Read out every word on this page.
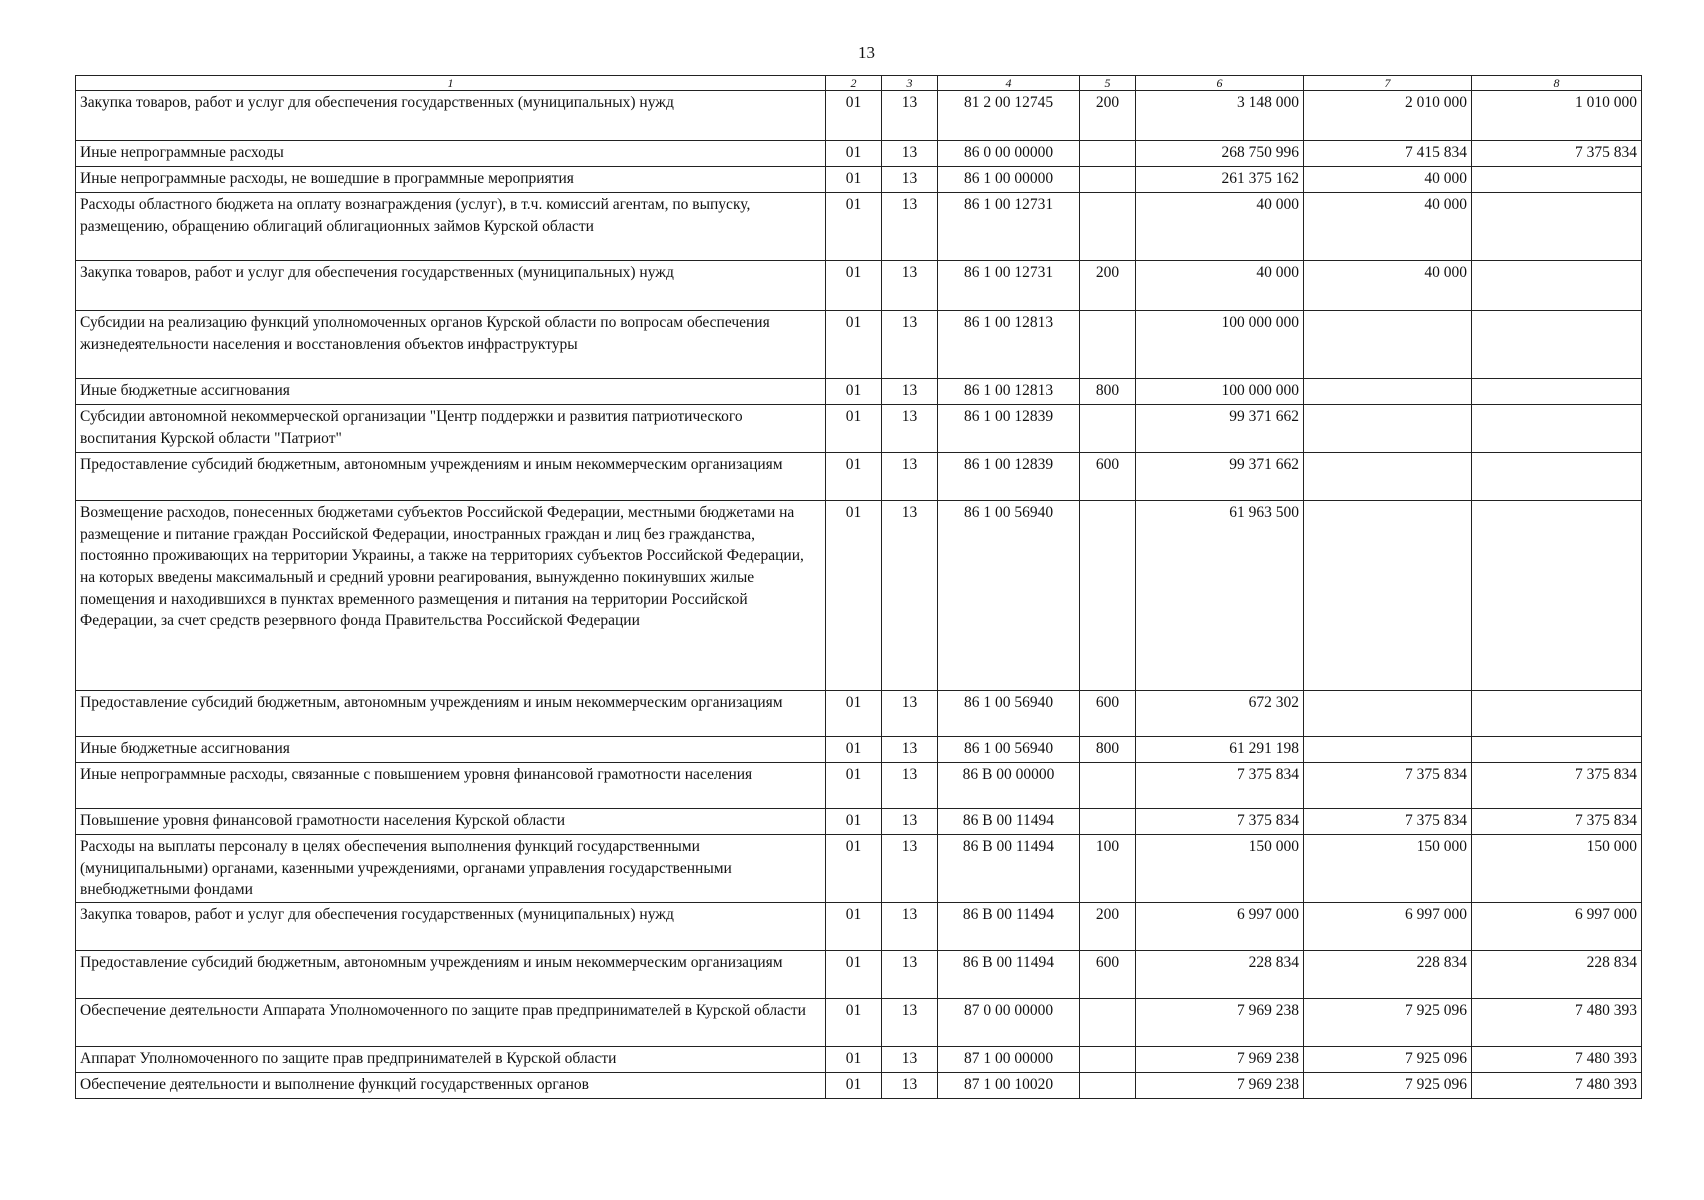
13
1	2	3	4	5	6	7	8
Закупка товаров, работ и услуг для обеспечения государственных (муниципальных) нужд	01	13	81 2 00 12745	200	3 148 000	2 010 000	1 010 000
Иные непрограммные расходы	01	13	86 0 00 00000		268 750 996	7 415 834	7 375 834
Иные непрограммные расходы, не вошедшие в программные мероприятия	01	13	86 1 00 00000		261 375 162	40 000	
Расходы областного бюджета на оплату вознаграждения (услуг), в т.ч. комиссий агентам, по выпуску, размещению, обращению облигаций облигационных займов Курской области	01	13	86 1 00 12731		40 000	40 000	
Закупка товаров, работ и услуг для обеспечения государственных (муниципальных) нужд	01	13	86 1 00 12731	200	40 000	40 000	
Субсидии на реализацию функций уполномоченных органов Курской области по вопросам обеспечения жизнедеятельности населения и восстановления объектов инфраструктуры	01	13	86 1 00 12813		100 000 000		
Иные бюджетные ассигнования	01	13	86 1 00 12813	800	100 000 000		
Субсидии автономной некоммерческой организации "Центр поддержки и развития патриотического воспитания Курской области "Патриот"	01	13	86 1 00 12839		99 371 662		
Предоставление субсидий бюджетным, автономным учреждениям и иным некоммерческим организациям	01	13	86 1 00 12839	600	99 371 662		
Возмещение расходов, понесенных бюджетами субъектов Российской Федерации, местными бюджетами на размещение и питание граждан Российской Федерации, иностранных граждан и лиц без гражданства, постоянно проживающих на территории Украины, а также на территориях субъектов Российской Федерации, на которых введены максимальный и средний уровни реагирования, вынужденно покинувших жилые помещения и находившихся в пунктах временного размещения и питания на территории Российской Федерации, за счет средств резервного фонда Правительства Российской Федерации	01	13	86 1 00 56940		61 963 500		
Предоставление субсидий бюджетным, автономным учреждениям и иным некоммерческим организациям	01	13	86 1 00 56940	600	672 302		
Иные бюджетные ассигнования	01	13	86 1 00 56940	800	61 291 198		
Иные непрограммные расходы, связанные с повышением уровня финансовой грамотности населения	01	13	86 В 00 00000		7 375 834	7 375 834	7 375 834
Повышение уровня финансовой грамотности населения Курской области	01	13	86 В 00 11494		7 375 834	7 375 834	7 375 834
Расходы на выплаты персоналу в целях обеспечения выполнения функций государственными (муниципальными) органами, казенными учреждениями, органами управления государственными внебюджетными фондами	01	13	86 В 00 11494	100	150 000	150 000	150 000
Закупка товаров, работ и услуг для обеспечения государственных (муниципальных) нужд	01	13	86 В 00 11494	200	6 997 000	6 997 000	6 997 000
Предоставление субсидий бюджетным, автономным учреждениям и иным некоммерческим организациям	01	13	86 В 00 11494	600	228 834	228 834	228 834
Обеспечение деятельности Аппарата Уполномоченного по защите прав предпринимателей в Курской области	01	13	87 0 00 00000		7 969 238	7 925 096	7 480 393
Аппарат Уполномоченного по защите прав предпринимателей в Курской области	01	13	87 1 00 00000		7 969 238	7 925 096	7 480 393
Обеспечение деятельности и выполнение функций государственных органов	01	13	87 1 00 10020		7 969 238	7 925 096	7 480 393
